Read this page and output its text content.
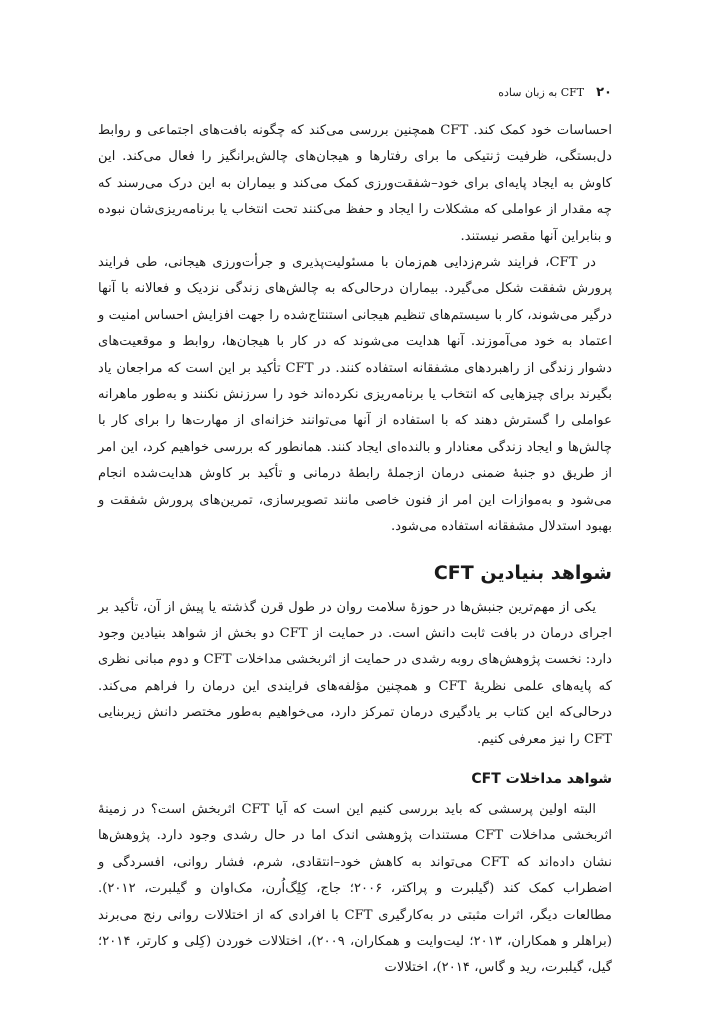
۲۰
CFT به زبان ساده

احساسات خود کمک کند. CFT همچنین بررسی می‌کند که چگونه بافت‌های اجتماعی و روابط دل‌بستگی، ظرفیت ژنتیکی ما برای رفتارها و هیجان‌های چالش‌برانگیز را فعال می‌کند. این کاوش به ایجاد پایه‌ای برای خود–شفقت‌ورزی کمک می‌کند و بیماران به این درک می‌رسند که چه مقدار از عواملی که مشکلات را ایجاد و حفظ می‌کنند تحت انتخاب یا برنامه‌ریزی‌شان نبوده و بنابراین آنها مقصر نیستند.

در CFT، فرایند شرم‌زدایی هم‌زمان با مسئولیت‌پذیری و جرأت‌ورزی هیجانی، طی فرایند پرورش شفقت شکل می‌گیرد. بیماران درحالی‌که به چالش‌های زندگی نزدیک و فعالانه با آنها درگیر می‌شوند، کار با سیستم‌های تنظیم هیجانی استنتاج‌شده را جهت افزایش احساس امنیت و اعتماد به خود می‌آموزند. آنها هدایت می‌شوند که در کار با هیجان‌ها، روابط و موقعیت‌های دشوار زندگی از راهبردهای مشفقانه استفاده کنند. در CFT تأکید بر این است که مراجعان یاد بگیرند برای چیزهایی که انتخاب یا برنامه‌ریزی نکرده‌اند خود را سرزنش نکنند و به‌طور ماهرانه عواملی را گسترش دهند که با استفاده از آنها می‌توانند خزانه‌ای از مهارت‌ها را برای کار با چالش‌ها و ایجاد زندگی معنادار و بالنده‌ای ایجاد کنند. همانطور که بررسی خواهیم کرد، این امر از طریق دو جنبهٔ ضمنی درمان ازجملهٔ رابطهٔ درمانی و تأکید بر کاوش هدایت‌شده انجام می‌شود و به‌موازات این امر از فنون خاصی مانند تصویرسازی، تمرین‌های پرورش شفقت و بهبود استدلال مشفقانه استفاده می‌شود.

شواهد بنیادین CFT

یکی از مهم‌ترین جنبش‌ها در حوزهٔ سلامت روان در طول قرن گذشته یا پیش از آن، تأکید بر اجرای درمان در بافت ثابت دانش است. در حمایت از CFT دو بخش از شواهد بنیادین وجود دارد: نخست پژوهش‌های روبه رشدی در حمایت از اثربخشی مداخلات CFT و دوم مبانی نظری که پایه‌های علمی نظریهٔ CFT و همچنین مؤلفه‌های فرایندی این درمان را فراهم می‌کند. درحالی‌که این کتاب بر یادگیری درمان تمرکز دارد، می‌خواهیم به‌طور مختصر دانش زیربنایی CFT را نیز معرفی کنیم.

شواهد مداخلات CFT

البته اولین پرسشی که باید بررسی کنیم این است که آیا CFT اثربخش است؟ در زمینهٔ اثربخشی مداخلات CFT مستندات پژوهشی اندک اما در حال رشدی وجود دارد. پژوهش‌ها نشان داده‌اند که CFT می‌تواند به کاهش خود–انتقادی، شرم، فشار روانی، افسردگی و اضطراب کمک کند (گیلبرت و پراکتر، ۲۰۰۶؛ جاج، کِلِگ‌اُرن، مک‌اوان و گیلبرت، ۲۰۱۲). مطالعات دیگر، اثرات مثبتی در به‌کارگیری CFT با افرادی که از اختلالات روانی رنج می‌برند (براهلر و همکاران، ۲۰۱۳؛ لیت‌وایت و همکاران، ۲۰۰۹)، اختلالات خوردن (کِلی و کارتر، ۲۰۱۴؛ گیل، گیلبرت، رید و گاس، ۲۰۱۴)، اختلالات
